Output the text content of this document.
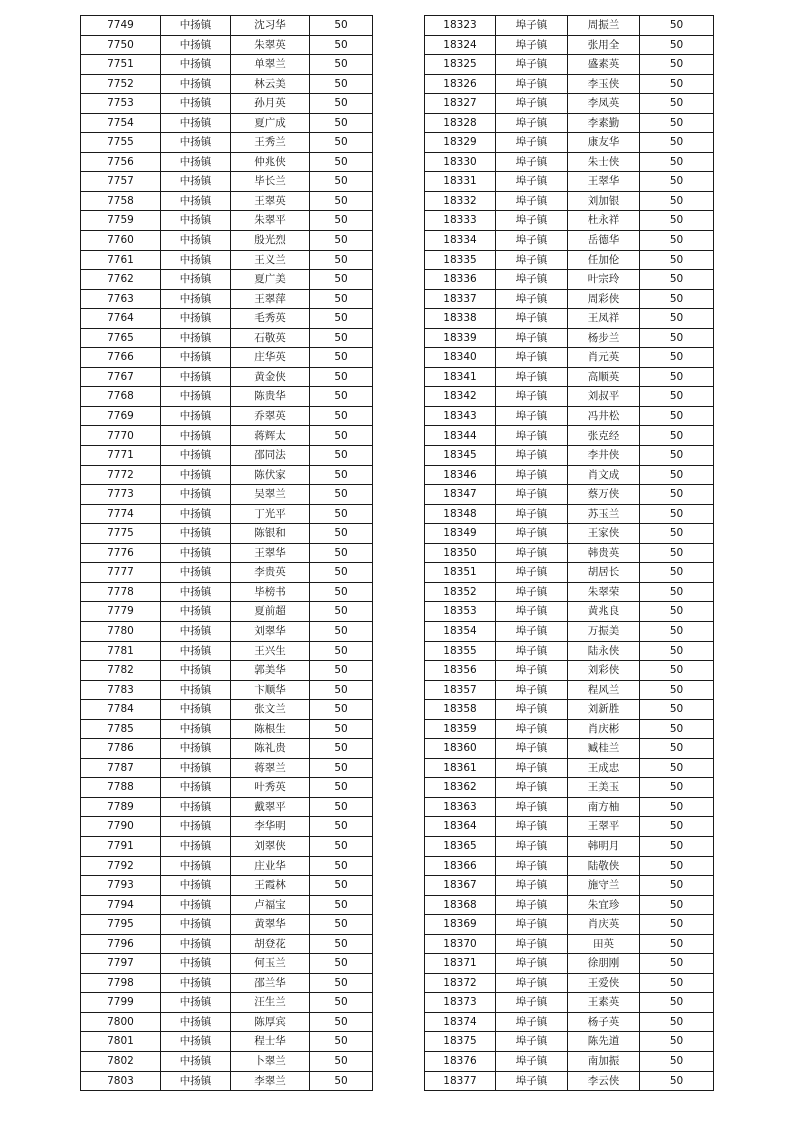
7749	中扬镇	沈习华	50
7750	中扬镇	朱翠英	50
7751	中扬镇	单翠兰	50
7752	中扬镇	林云美	50
7753	中扬镇	孙月英	50
7754	中扬镇	夏广成	50
7755	中扬镇	王秀兰	50
7756	中扬镇	仲兆侠	50
7757	中扬镇	毕长兰	50
7758	中扬镇	王翠英	50
7759	中扬镇	朱翠平	50
7760	中扬镇	殷光烈	50
7761	中扬镇	王义兰	50
7762	中扬镇	夏广美	50
7763	中扬镇	王翠萍	50
7764	中扬镇	毛秀英	50
7765	中扬镇	石敬英	50
7766	中扬镇	庄华英	50
7767	中扬镇	黄金侠	50
7768	中扬镇	陈贵华	50
7769	中扬镇	乔翠英	50
7770	中扬镇	蒋辉太	50
7771	中扬镇	邵同法	50
7772	中扬镇	陈伏家	50
7773	中扬镇	吴翠兰	50
7774	中扬镇	丁光平	50
7775	中扬镇	陈银和	50
7776	中扬镇	王翠华	50
7777	中扬镇	李贵英	50
7778	中扬镇	毕榜书	50
7779	中扬镇	夏前超	50
7780	中扬镇	刘翠华	50
7781	中扬镇	王兴生	50
7782	中扬镇	郭美华	50
7783	中扬镇	卞顺华	50
7784	中扬镇	张文兰	50
7785	中扬镇	陈根生	50
7786	中扬镇	陈礼贵	50
7787	中扬镇	蒋翠兰	50
7788	中扬镇	叶秀英	50
7789	中扬镇	戴翠平	50
7790	中扬镇	李华明	50
7791	中扬镇	刘翠侠	50
7792	中扬镇	庄业华	50
7793	中扬镇	王霞林	50
7794	中扬镇	卢福宝	50
7795	中扬镇	黄翠华	50
7796	中扬镇	胡登花	50
7797	中扬镇	何玉兰	50
7798	中扬镇	邵兰华	50
7799	中扬镇	汪生兰	50
7800	中扬镇	陈厚宾	50
7801	中扬镇	程士华	50
7802	中扬镇	卜翠兰	50
7803	中扬镇	李翠兰	50
18323	埠子镇	周振兰	50
18324	埠子镇	张用全	50
18325	埠子镇	盛素英	50
18326	埠子镇	李玉侠	50
18327	埠子镇	李凤英	50
18328	埠子镇	李素勤	50
18329	埠子镇	康友华	50
18330	埠子镇	朱士侠	50
18331	埠子镇	王翠华	50
18332	埠子镇	刘加银	50
18333	埠子镇	杜永祥	50
18334	埠子镇	岳德华	50
18335	埠子镇	任加伦	50
18336	埠子镇	叶宗玲	50
18337	埠子镇	周彩侠	50
18338	埠子镇	王凤祥	50
18339	埠子镇	杨步兰	50
18340	埠子镇	肖元英	50
18341	埠子镇	高顺英	50
18342	埠子镇	刘叔平	50
18343	埠子镇	冯井松	50
18344	埠子镇	张克经	50
18345	埠子镇	李井侠	50
18346	埠子镇	肖文成	50
18347	埠子镇	蔡万侠	50
18348	埠子镇	苏玉兰	50
18349	埠子镇	王家侠	50
18350	埠子镇	韩贵英	50
18351	埠子镇	胡居长	50
18352	埠子镇	朱翠荣	50
18353	埠子镇	黄兆良	50
18354	埠子镇	万振美	50
18355	埠子镇	陆永侠	50
18356	埠子镇	刘彩侠	50
18357	埠子镇	程风兰	50
18358	埠子镇	刘新胜	50
18359	埠子镇	肖庆彬	50
18360	埠子镇	臧桂兰	50
18361	埠子镇	王成忠	50
18362	埠子镇	王美玉	50
18363	埠子镇	南方柚	50
18364	埠子镇	王翠平	50
18365	埠子镇	韩明月	50
18366	埠子镇	陆敬侠	50
18367	埠子镇	施守兰	50
18368	埠子镇	朱宜珍	50
18369	埠子镇	肖庆英	50
18370	埠子镇	田英	50
18371	埠子镇	徐朋刚	50
18372	埠子镇	王爱侠	50
18373	埠子镇	王素英	50
18374	埠子镇	杨子英	50
18375	埠子镇	陈先道	50
18376	埠子镇	南加振	50
18377	埠子镇	李云侠	50
